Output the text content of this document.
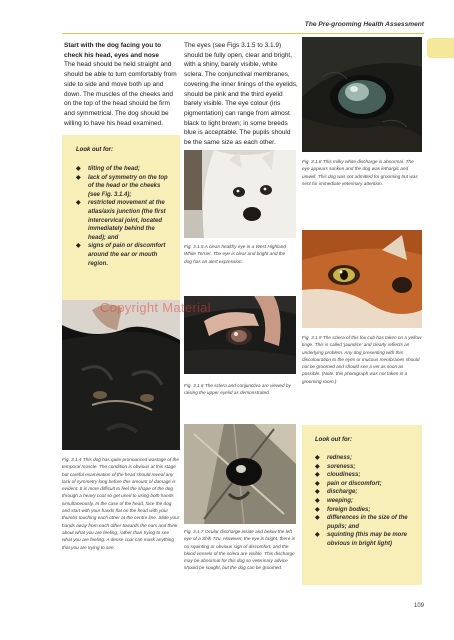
The Pre-grooming Health Assessment
Start with the dog facing you to check his head, eyes and nose
The head should be held straight and should be able to turn comfortably from side to side and move both up and down. The muscles of the cheeks and on the top of the head should be firm and symmetrical. The dog should be willing to have his head examined.
The eyes (see Figs 3.1.5 to 3.1.9) should be fully open, clear and bright, with a shiny, barely visible, white sclera. The conjunctival membranes, covering the inner linings of the eyelids, should be pink and the third eyelid barely visible. The eye colour (iris pigmentation) can range from almost black to light brown; in some breeds blue is acceptable. The pupils should be the same size as each other.
Look out for:
◆ tilting of the head;
◆ lack of symmetry on the top of the head or the cheeks (see Fig. 3.1.4);
◆ restricted movement at the atlas/axis junction (the first intercervical joint, located immediately behind the head); and
◆ signs of pain or discomfort around the ear or mouth region.
Fig. 3.1.5 A clean healthy eye in a West Highland White Terrier. The eye is clear and bright and the dog has an alert expression.
Fig. 3.1.8 This milky white discharge is abnormal. The eye appears sunken and the dog was lethargic and unwell. This dog was not admitted for grooming but was sent for immediate veterinary attention.
Fig. 3.1.9 The sclera of this fox cub has taken on a yellow tinge. This is called 'jaundice' and clearly reflects an underlying problem. Any dog presenting with this discolouration to the eyes or mucous membranes should not be groomed and should see a vet as soon as possible. (Note: this photograph was not taken in a grooming room.)
Fig. 3.1.6 The sclera and conjunctiva are viewed by raising the upper eyelid as demonstrated.
Fig. 3.1.4 This dog has quite pronounced wastage of the temporal muscle. The condition is obvious at this stage but careful examination of the head should reveal any lack of symmetry long before this amount of damage is evident. It is more difficult to feel the shape of the dog through a heavy coat so get used to using both hands simultaneously. In the case of the head, face the dog and start with your hands flat on the head with your thumbs touching each other at the centre line. Slide your hands away from each other towards the ears and think about what you are feeling, rather than trying to see what you are feeling. A dense coat can mask anything that you are trying to see.
Fig. 3.1.7 Ocular discharge inside and below the left eye of a Shih Tzu. However, the eye is bright, there is no squinting or obvious sign of discomfort, and the blood vessels of the sclera are visible. This discharge may be abnormal for this dog so veterinary advice should be sought, but the dog can be groomed.
Look out for:
◆ redness;
◆ soreness;
◆ cloudiness;
◆ pain or discomfort;
◆ discharge;
◆ weeping;
◆ foreign bodies;
◆ differences in the size of the pupils; and
◆ squinting (this may be more obvious in bright light)
Copyright Material
109
